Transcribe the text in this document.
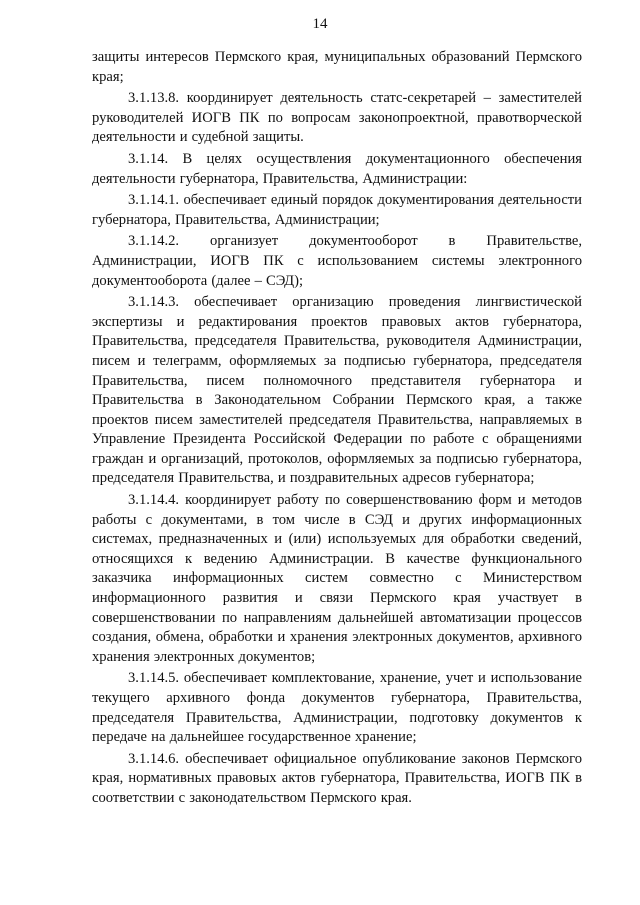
14

защиты интересов Пермского края, муниципальных образований Пермского края;

3.1.13.8. координирует деятельность статс-секретарей – заместителей руководителей ИОГВ ПК по вопросам законопроектной, правотворческой деятельности и судебной защиты.

3.1.14. В целях осуществления документационного обеспечения деятельности губернатора, Правительства, Администрации:

3.1.14.1. обеспечивает единый порядок документирования деятельности губернатора, Правительства, Администрации;

3.1.14.2. организует документооборот в Правительстве, Администрации, ИОГВ ПК с использованием системы электронного документооборота (далее – СЭД);

3.1.14.3. обеспечивает организацию проведения лингвистической экспертизы и редактирования проектов правовых актов губернатора, Правительства, председателя Правительства, руководителя Администрации, писем и телеграмм, оформляемых за подписью губернатора, председателя Правительства, писем полномочного представителя губернатора и Правительства в Законодательном Собрании Пермского края, а также проектов писем заместителей председателя Правительства, направляемых в Управление Президента Российской Федерации по работе с обращениями граждан и организаций, протоколов, оформляемых за подписью губернатора, председателя Правительства, и поздравительных адресов губернатора;

3.1.14.4. координирует работу по совершенствованию форм и методов работы с документами, в том числе в СЭД и других информационных системах, предназначенных и (или) используемых для обработки сведений, относящихся к ведению Администрации. В качестве функционального заказчика информационных систем совместно с Министерством информационного развития и связи Пермского края участвует в совершенствовании по направлениям дальнейшей автоматизации процессов создания, обмена, обработки и хранения электронных документов, архивного хранения электронных документов;

3.1.14.5. обеспечивает комплектование, хранение, учет и использование текущего архивного фонда документов губернатора, Правительства, председателя Правительства, Администрации, подготовку документов к передаче на дальнейшее государственное хранение;

3.1.14.6. обеспечивает официальное опубликование законов Пермского края, нормативных правовых актов губернатора, Правительства, ИОГВ ПК в соответствии с законодательством Пермского края.
